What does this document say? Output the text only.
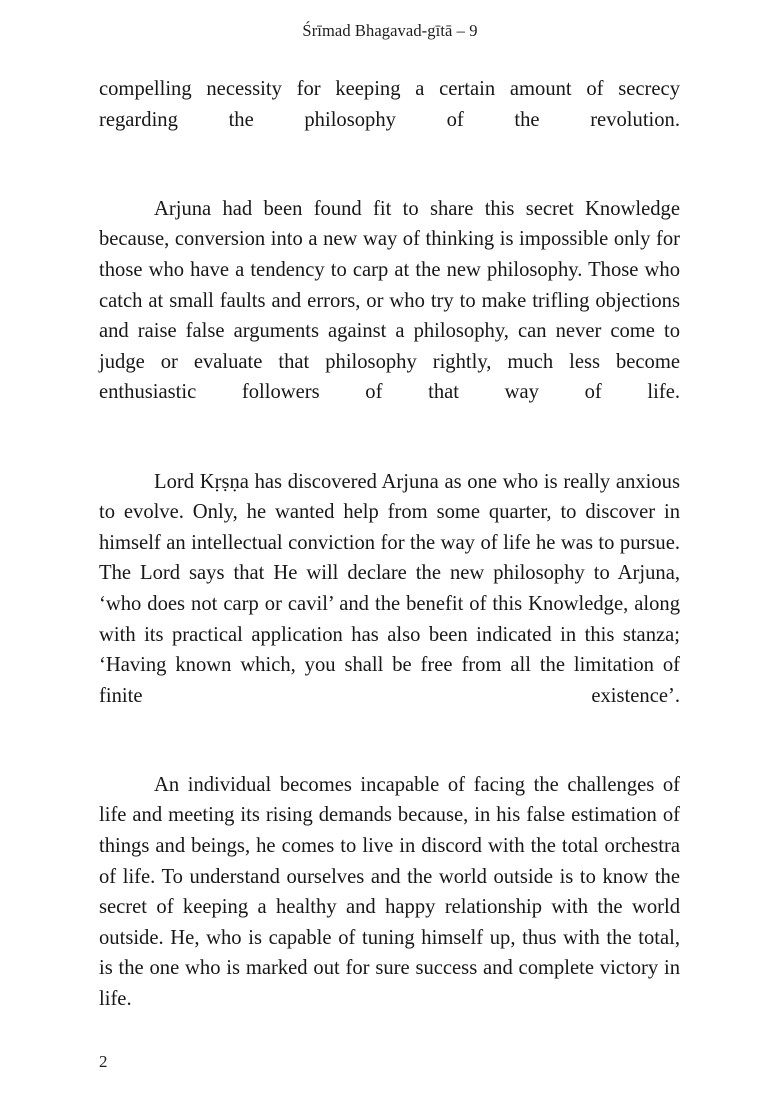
Śrīmad Bhagavad-gītā – 9

compelling necessity for keeping a certain amount of secrecy regarding the philosophy of the revolution.

Arjuna had been found fit to share this secret Knowledge because, conversion into a new way of thinking is impossible only for those who have a tendency to carp at the new philosophy. Those who catch at small faults and errors, or who try to make trifling objections and raise false arguments against a philosophy, can never come to judge or evaluate that philosophy rightly, much less become enthusiastic followers of that way of life.

Lord Kṛṣṇa has discovered Arjuna as one who is really anxious to evolve. Only, he wanted help from some quarter, to discover in himself an intellectual conviction for the way of life he was to pursue. The Lord says that He will declare the new philosophy to Arjuna, ‘who does not carp or cavil’ and the benefit of this Knowledge, along with its practical application has also been indicated in this stanza; ‘Having known which, you shall be free from all the limitation of finite existence’.

An individual becomes incapable of facing the challenges of life and meeting its rising demands because, in his false estimation of things and beings, he comes to live in discord with the total orchestra of life. To understand ourselves and the world outside is to know the secret of keeping a healthy and happy relationship with the world outside. He, who is capable of tuning himself up, thus with the total, is the one who is marked out for sure success and complete victory in life.

2
